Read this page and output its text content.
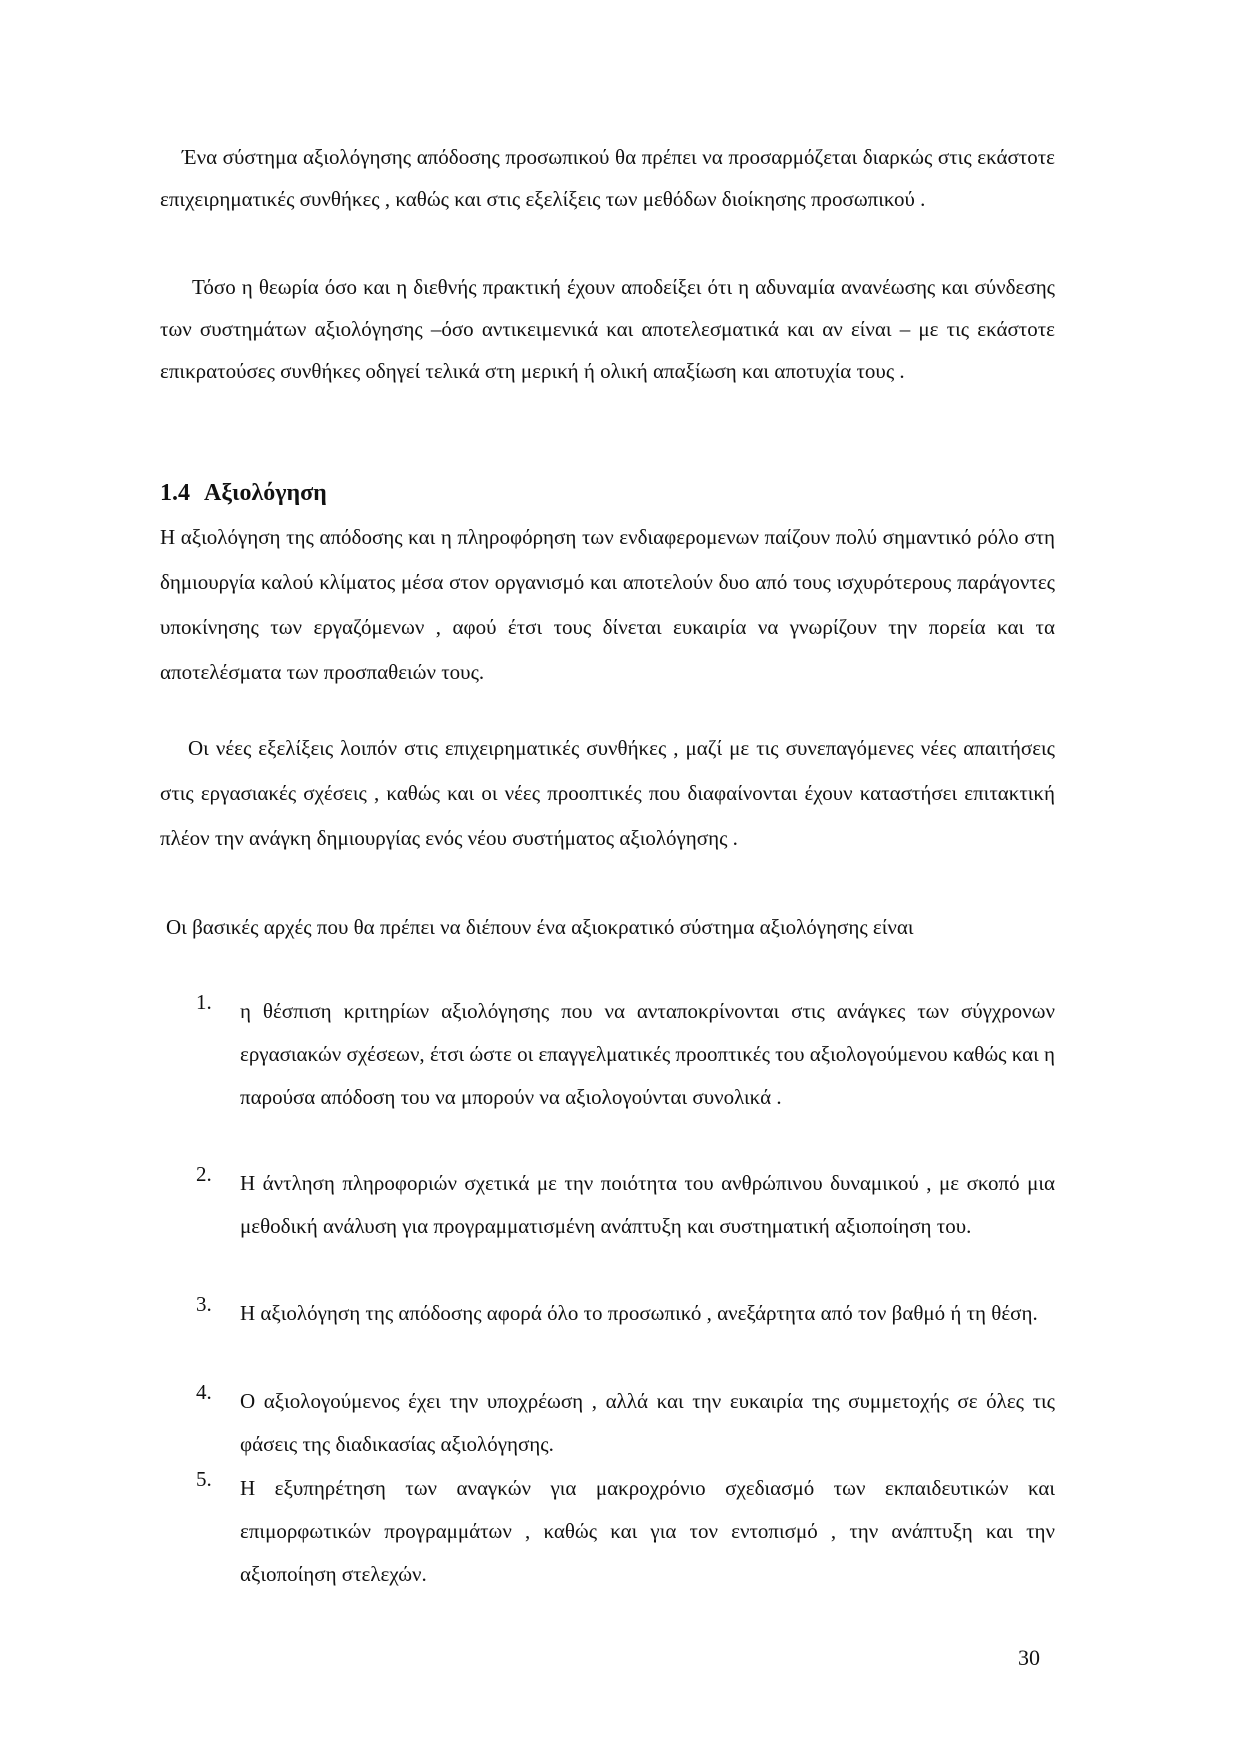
Ένα σύστημα αξιολόγησης απόδοσης προσωπικού θα πρέπει να προσαρμόζεται διαρκώς στις εκάστοτε επιχειρηματικές συνθήκες , καθώς και στις εξελίξεις των μεθόδων διοίκησης προσωπικού .
Τόσο η θεωρία όσο και η διεθνής πρακτική έχουν αποδείξει ότι η αδυναμία ανανέωσης και σύνδεσης των συστημάτων αξιολόγησης –όσο αντικειμενικά και αποτελεσματικά και αν είναι – με τις εκάστοτε επικρατούσες συνθήκες οδηγεί τελικά στη μερική ή ολική απαξίωση και αποτυχία τους .
1.4 Αξιολόγηση
Η αξιολόγηση της απόδοσης και η πληροφόρηση των ενδιαφερομενων παίζουν πολύ σημαντικό ρόλο στη δημιουργία καλού κλίματος μέσα στον οργανισμό και αποτελούν δυο από τους ισχυρότερους παράγοντες υποκίνησης των εργαζόμενων , αφού έτσι τους δίνεται ευκαιρία να γνωρίζουν την πορεία και τα αποτελέσματα των προσπαθειών τους.
Οι νέες εξελίξεις λοιπόν στις επιχειρηματικές συνθήκες , μαζί με τις συνεπαγόμενες νέες απαιτήσεις στις εργασιακές σχέσεις , καθώς και οι νέες προοπτικές που διαφαίνονται έχουν καταστήσει επιτακτική πλέον την ανάγκη δημιουργίας ενός νέου συστήματος αξιολόγησης .
Οι βασικές αρχές που θα πρέπει να διέπουν ένα αξιοκρατικό σύστημα αξιολόγησης είναι
1. η θέσπιση κριτηρίων αξιολόγησης που να ανταποκρίνονται στις ανάγκες των σύγχρονων εργασιακών σχέσεων, έτσι ώστε οι επαγγελματικές προοπτικές του αξιολογούμενου καθώς και η παρούσα απόδοση του να μπορούν να αξιολογούνται συνολικά .
2. Η άντληση πληροφοριών σχετικά με την ποιότητα του ανθρώπινου δυναμικού , με σκοπό μια μεθοδική ανάλυση για προγραμματισμένη ανάπτυξη και συστηματική αξιοποίηση του.
3. Η αξιολόγηση της απόδοσης αφορά όλο το προσωπικό , ανεξάρτητα από τον βαθμό ή τη θέση.
4. Ο αξιολογούμενος έχει την υποχρέωση , αλλά και την ευκαιρία της συμμετοχής σε όλες τις φάσεις της διαδικασίας αξιολόγησης.
5. Η εξυπηρέτηση των αναγκών για μακροχρόνιο σχεδιασμό των εκπαιδευτικών και επιμορφωτικών προγραμμάτων , καθώς και για τον εντοπισμό , την ανάπτυξη και την αξιοποίηση στελεχών.
30
